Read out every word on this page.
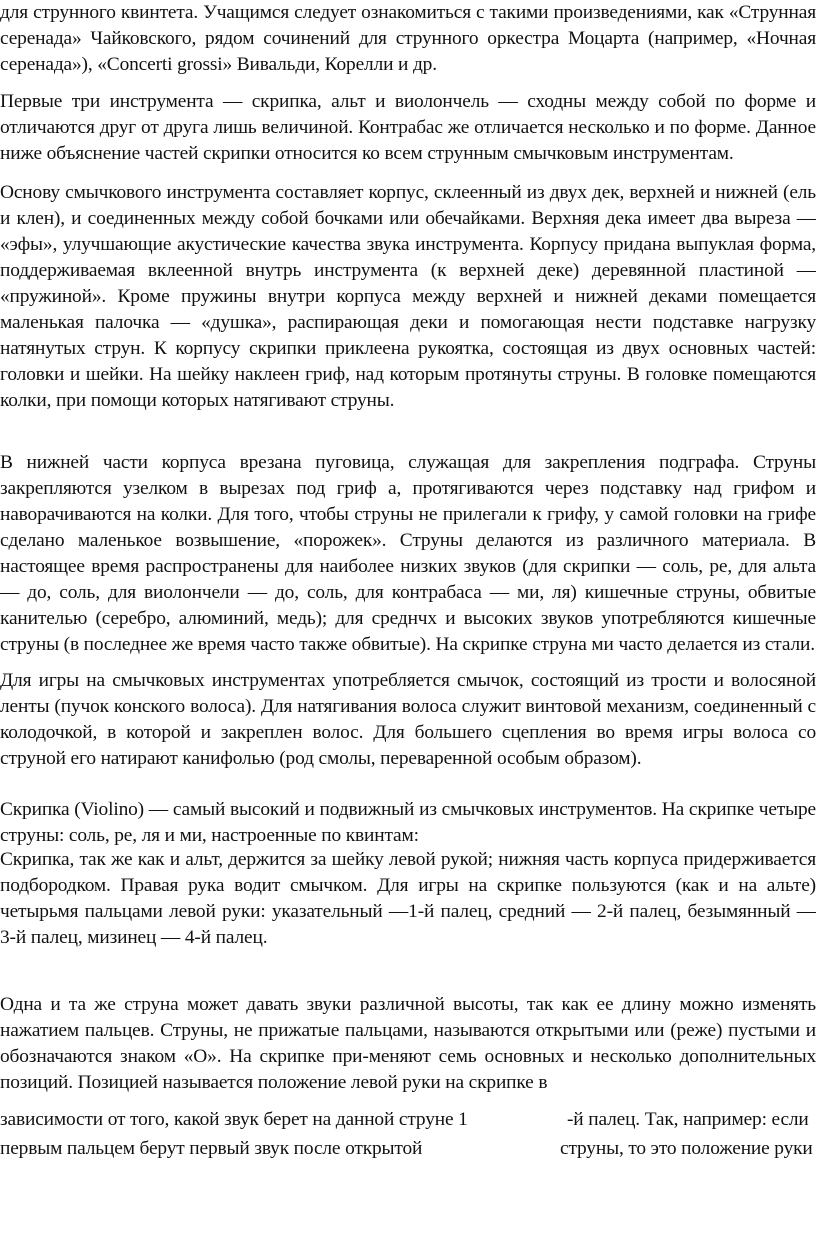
для струнного квинтета. Учащимся следует ознакомиться с такими произведениями, как «Струнная серенада» Чайковского, рядом сочинений для струнного оркестра Моцарта (например, «Ночная серенада»), «Concerti grossi» Вивальди, Корелли и др.

Первые три инструмента — скрипка, альт и виолончель — сходны между собой по форме и отличаются друг от друга лишь величиной. Контрабас же отличается несколько и по форме. Данное ниже объяснение частей скрипки относится ко всем струнным смычковым инструментам.

Основу смычкового инструмента составляет корпус, склеенный из двух дек, верхней и нижней (ель и клен), и соединенных между собой бочками или обечайками. Верхняя дека имеет два выреза — «эфы», улучшающие акустические качества звука инструмента. Корпусу придана выпуклая форма, поддерживаемая вклеенной внутрь инструмента (к верхней деке) деревянной пластиной — «пружиной». Кроме пружины внутри корпуса между верхней и нижней деками помещается маленькая палочка — «душка», распирающая деки и помогающая нести подставке нагрузку натянутых струн. К корпусу скрипки приклеена рукоятка, состоящая из двух основных частей: головки и шейки. На шейку наклеен гриф, над которым протянуты струны. В головке помещаются колки, при помощи которых натягивают струны.

В нижней части корпуса врезана пуговица, служащая для закрепления подграфа. Струны закрепляются узелком в вырезах под гриф а, протягиваются через подставку над грифом и наворачиваются на колки. Для того, чтобы струны не прилегали к грифу, у самой головки на грифе сделано маленькое возвышение, «порожек». Струны делаются из различного материала. В настоящее время распространены для наиболее низких звуков (для скрипки — соль, ре, для альта — до, соль, для виолончели — до, соль, для контрабаса — ми, ля) кишечные струны, обвитые канителью (серебро, алюминий, медь); для среднчх и высоких звуков употребляются кишечные струны (в последнее же время часто также обвитые). На скрипке струна ми часто делается из стали.

Для игры на смычковых инструментах употребляется смычок, состоящий из трости и волосяной ленты (пучок конского волоса). Для натягивания волоса служит винтовой механизм, соединенный с колодочкой, в которой и закреплен волос. Для большего сцепления во время игры волоса со струной его натирают канифолью (род смолы, переваренной особым образом).

Скрипка (Violino) — самый высокий и подвижный из смычковых инструментов. На скрипке четыре струны: соль, ре, ля и ми, настроенные по квинтам:

Скрипка, так же как и альт, держится за шейку левой рукой; нижняя часть корпуса придерживается подбородком. Правая рука водит смычком. Для игры на скрипке пользуются (как и на альте) четырьмя пальцами левой руки: указательный —1-й палец, средний — 2-й палец, безымянный — 3-й палец, мизинец — 4-й палец.

Одна и та же струна может давать звуки различной высоты, так как ее длину можно изменять нажатием пальцев. Струны, не прижатые пальцами, называются открытыми или (реже) пустыми и обозначаются знаком «О». На скрипке при-меняют семь основных и несколько дополнительных позиций. Позицией называется положение левой руки на скрипке в

зависимости от того, какой звук берет на данной струне 1	-й палец. Так, например: если

первым пальцем берут первый звук после открытой	струны, то это положение руки
